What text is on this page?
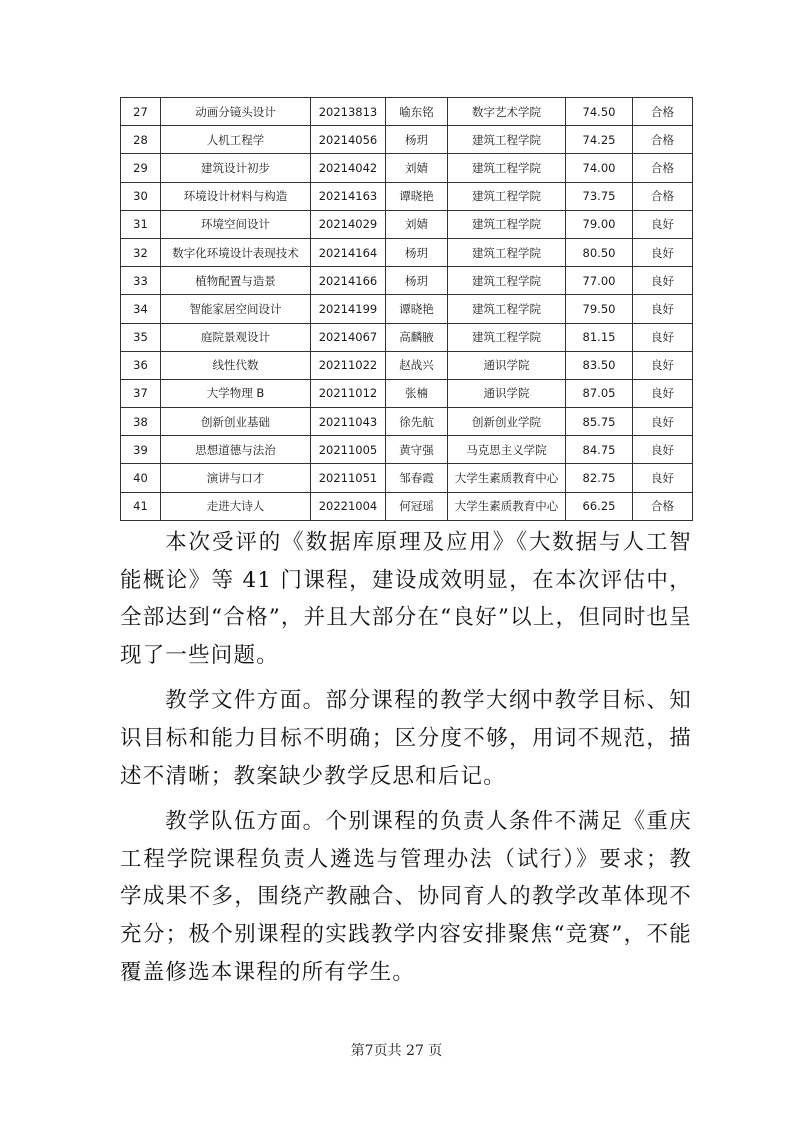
27	动画分镜头设计	20213813	喻东铭	数字艺术学院	74.50	合格
28	人机工程学	20214056	杨玥	建筑工程学院	74.25	合格
29	建筑设计初步	20214042	刘婧	建筑工程学院	74.00	合格
30	环境设计材料与构造	20214163	谭晓艳	建筑工程学院	73.75	合格
31	环境空间设计	20214029	刘婧	建筑工程学院	79.00	良好
32	数字化环境设计表现技术	20214164	杨玥	建筑工程学院	80.50	良好
33	植物配置与造景	20214166	杨玥	建筑工程学院	77.00	良好
34	智能家居空间设计	20214199	谭晓艳	建筑工程学院	79.50	良好
35	庭院景观设计	20214067	高麟腋	建筑工程学院	81.15	良好
36	线性代数	20211022	赵战兴	通识学院	83.50	良好
37	大学物理 B	20211012	张楠	通识学院	87.05	良好
38	创新创业基础	20211043	徐先航	创新创业学院	85.75	良好
39	思想道德与法治	20211005	黄守强	马克思主义学院	84.75	良好
40	演讲与口才	20211051	邹春霞	大学生素质教育中心	82.75	良好
41	走进大诗人	20221004	何冠瑶	大学生素质教育中心	66.25	合格

本次受评的《数据库原理及应用》《大数据与人工智能概论》等 41 门课程，建设成效明显，在本次评估中，全部达到“合格”，并且大部分在“良好”以上，但同时也呈现了一些问题。

教学文件方面。部分课程的教学大纲中教学目标、知识目标和能力目标不明确；区分度不够，用词不规范，描述不清晰；教案缺少教学反思和后记。

教学队伍方面。个别课程的负责人条件不满足《重庆工程学院课程负责人遴选与管理办法（试行）》要求；教学成果不多，围绕产教融合、协同育人的教学改革体现不充分；极个别课程的实践教学内容安排聚焦“竞赛”，不能覆盖修选本课程的所有学生。

第7页共 27 页
